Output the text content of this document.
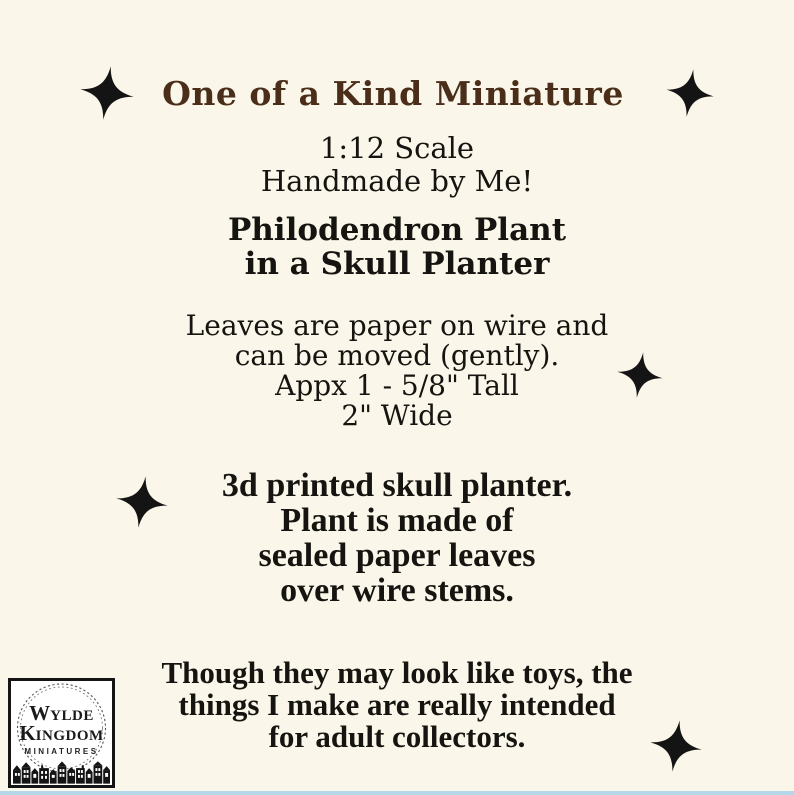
One of a Kind Miniature
1:12 Scale
Handmade by Me!
Philodendron Plant
in a Skull Planter
Leaves are paper on wire and
can be moved (gently).
Appx 1 - 5/8" Tall
2" Wide
3d printed skull planter.
Plant is made of
sealed paper leaves
over wire stems.
Though they may look like toys, the
things I make are really intended
for adult collectors.
W YLDE
K INGDOM
MINIATURES
